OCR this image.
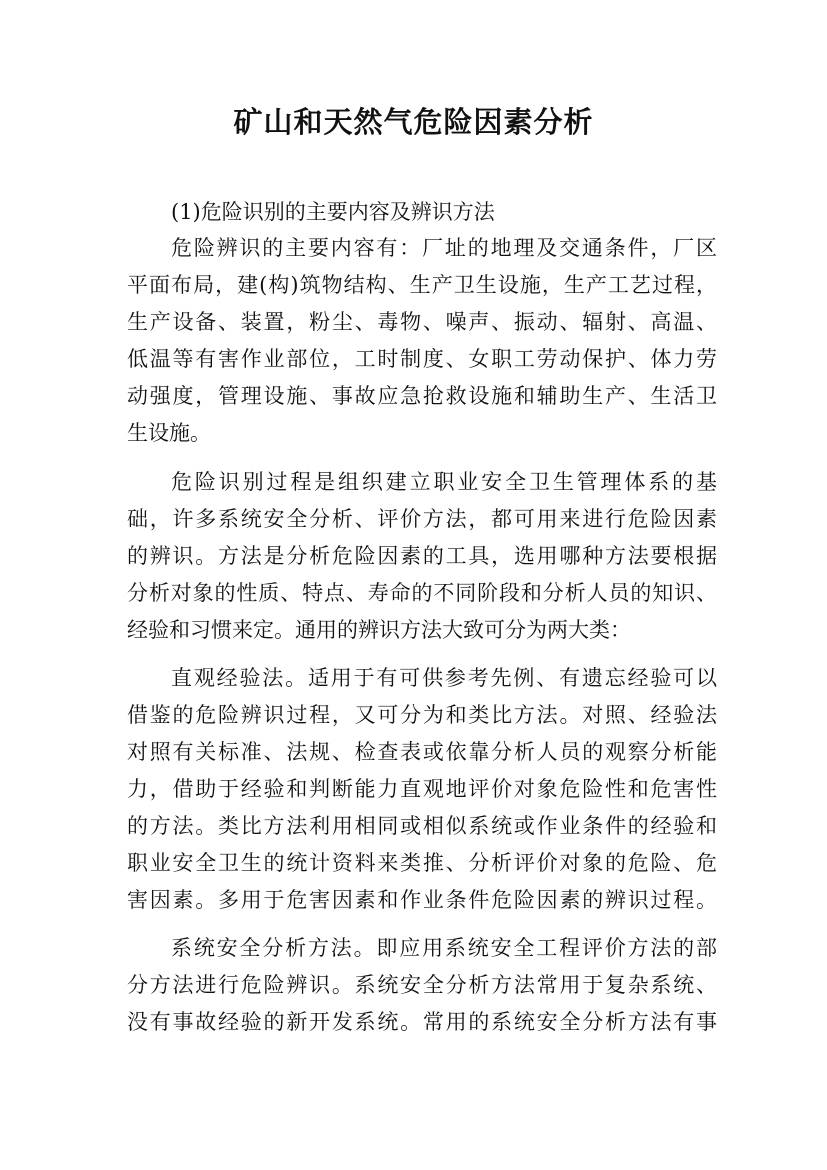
矿山和天然气危险因素分析
(1)危险识别的主要内容及辨识方法
危险辨识的主要内容有：厂址的地理及交通条件，厂区
平面布局，建(构)筑物结构、生产卫生设施，生产工艺过程，
生产设备、装置，粉尘、毒物、噪声、振动、辐射、高温、
低温等有害作业部位，工时制度、女职工劳动保护、体力劳
动强度，管理设施、事故应急抢救设施和辅助生产、生活卫
生设施。
危险识别过程是组织建立职业安全卫生管理体系的基
础，许多系统安全分析、评价方法，都可用来进行危险因素
的辨识。方法是分析危险因素的工具，选用哪种方法要根据
分析对象的性质、特点、寿命的不同阶段和分析人员的知识、
经验和习惯来定。通用的辨识方法大致可分为两大类：
直观经验法。适用于有可供参考先例、有遗忘经验可以
借鉴的危险辨识过程，又可分为和类比方法。对照、经验法
对照有关标准、法规、检查表或依靠分析人员的观察分析能
力，借助于经验和判断能力直观地评价对象危险性和危害性
的方法。类比方法利用相同或相似系统或作业条件的经验和
职业安全卫生的统计资料来类推、分析评价对象的危险、危
害因素。多用于危害因素和作业条件危险因素的辨识过程。
系统安全分析方法。即应用系统安全工程评价方法的部
分方法进行危险辨识。系统安全分析方法常用于复杂系统、
没有事故经验的新开发系统。常用的系统安全分析方法有事
